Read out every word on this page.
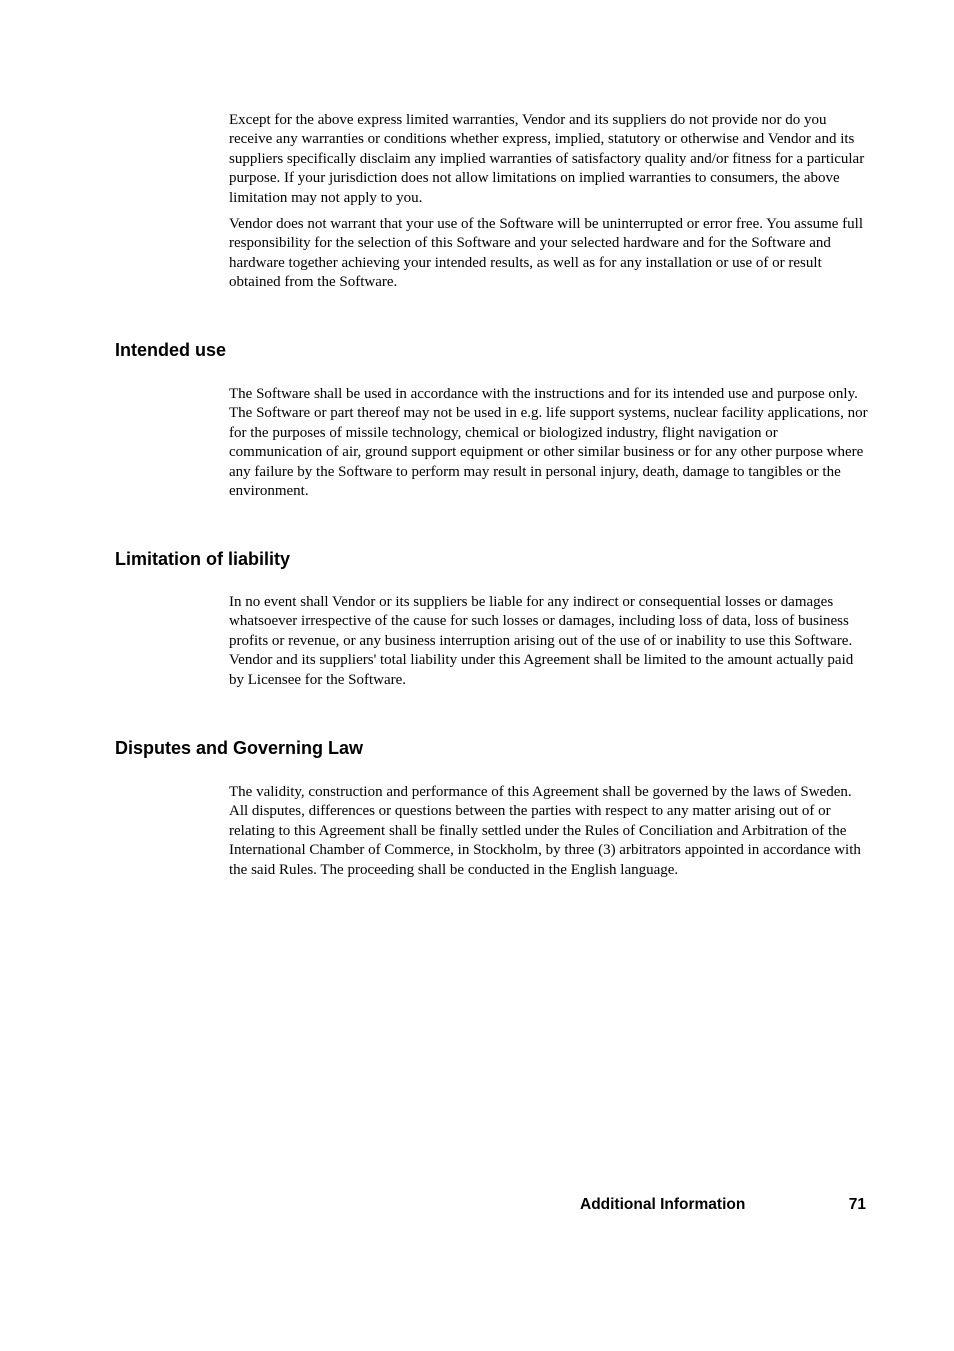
Except for the above express limited warranties, Vendor and its suppliers do not provide nor do you receive any warranties or conditions whether express, implied, statutory or otherwise and Vendor and its suppliers specifically disclaim any implied warranties of satisfactory quality and/or fitness for a particular purpose. If your jurisdiction does not allow limitations on implied warranties to consumers, the above limitation may not apply to you.

Vendor does not warrant that your use of the Software will be uninterrupted or error free. You assume full responsibility for the selection of this Software and your selected hardware and for the Software and hardware together achieving your intended results, as well as for any installation or use of or result obtained from the Software.

Intended use

The Software shall be used in accordance with the instructions and for its intended use and purpose only. The Software or part thereof may not be used in e.g. life support systems, nuclear facility applications, nor for the purposes of missile technology, chemical or biologized industry, flight navigation or communication of air, ground support equipment or other similar business or for any other purpose where any failure by the Software to perform may result in personal injury, death, damage to tangibles or the environment.

Limitation of liability

In no event shall Vendor or its suppliers be liable for any indirect or consequential losses or damages whatsoever irrespective of the cause for such losses or damages, including loss of data, loss of business profits or revenue, or any business interruption arising out of the use of or inability to use this Software. Vendor and its suppliers' total liability under this Agreement shall be limited to the amount actually paid by Licensee for the Software.

Disputes and Governing Law

The validity, construction and performance of this Agreement shall be governed by the laws of Sweden. All disputes, differences or questions between the parties with respect to any matter arising out of or relating to this Agreement shall be finally settled under the Rules of Conciliation and Arbitration of the International Chamber of Commerce, in Stockholm, by three (3) arbitrators appointed in accordance with the said Rules. The proceeding shall be conducted in the English language.

Additional Information	71
